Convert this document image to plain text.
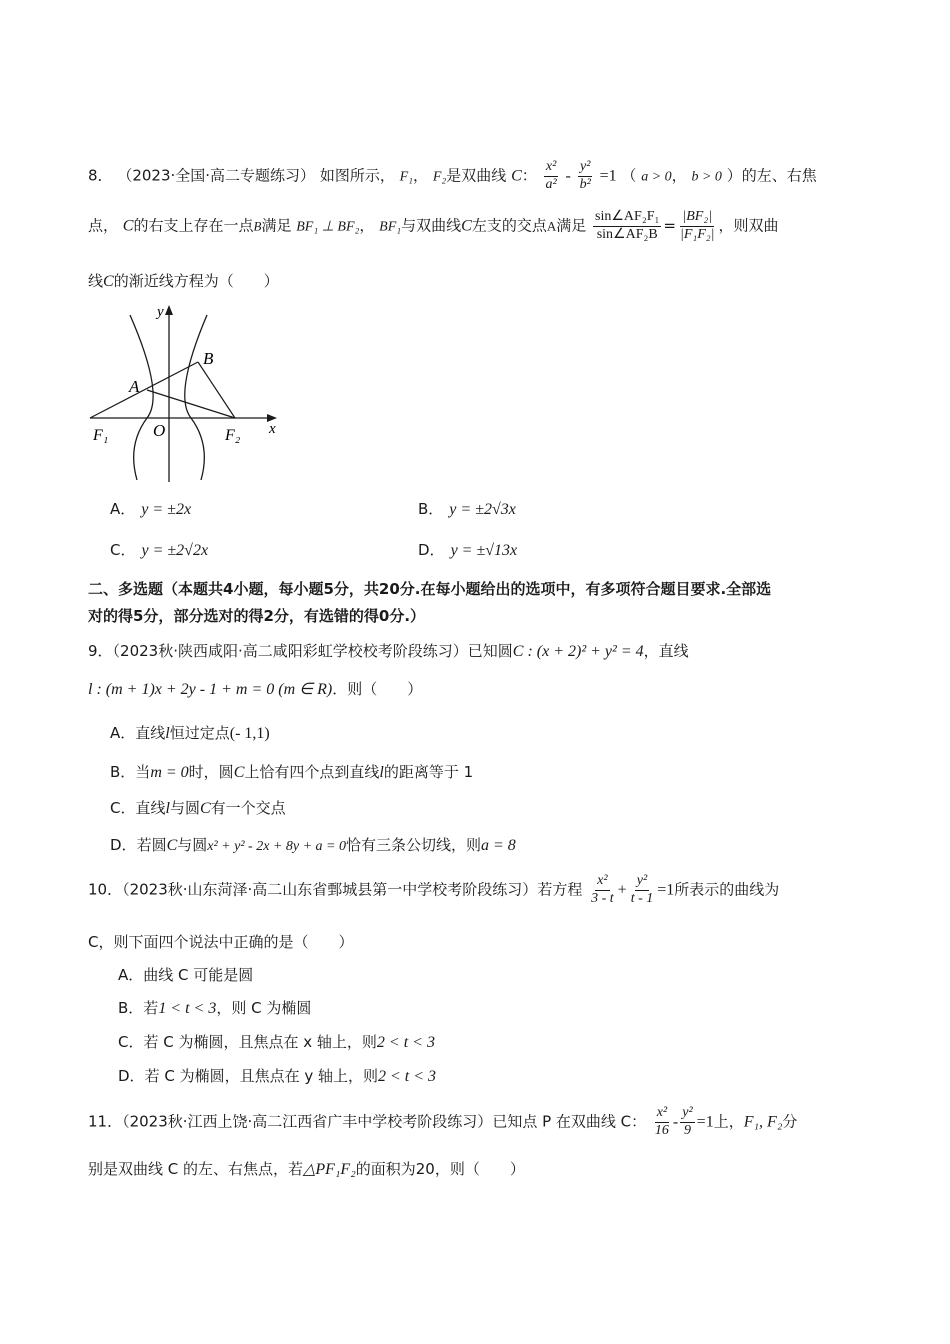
8． （2023·全国·高二专题练习） 如图所示， F₁， F₂是双曲线 C： $\frac{\text{x²}}{\text{a²}} - \frac{\text{y²}}{\text{b²}} =1$ （ a > 0， b > 0 ）的左、右焦
点， C的右支上存在一点B满足 BF₁ ⊥ BF₂， BF₁与双曲线C左支的交点A满足 $\frac{\text{sin∠AF₂F₁}}{\text{sin∠AF₂B}} = \frac{\text{|BF₂|}}{\text{|F₁F₂|}}$ ，则双曲
线C的渐近线方程为（　　）
y
x
A
B
O
F₁	F₂
A． y = ±2x	B． y = ±2√3x
C． y = ±2√2x	D． y = ±√13x
二、多选题（本题共4小题，每小题5分，共20分.在每小题给出的选项中，有多项符合题目要求.全部选
对的得5分，部分选对的得2分，有选错的得0分.）
9．（2023秋·陕西咸阳·高二咸阳彩虹学校校考阶段练习）已知圆C : (x + 2)² + y² = 4，直线
l : (m + 1)x + 2y - 1 + m = 0 (m ∈ R)．则（　　）
A．直线l恒过定点(- 1,1)
B．当m = 0时，圆C上恰有四个点到直线l的距离等于 1
C．直线l与圆C有一个交点
D．若圆C与圆x² + y² - 2x + 8y + a = 0恰有三条公切线，则a = 8
10．（2023秋·山东菏泽·高二山东省鄄城县第一中学校考阶段练习）若方程 $\frac{\text{x²}}{3 - t} + \frac{\text{y²}}{t - 1} =1$所表示的曲线为
C，则下面四个说法中正确的是（　　）
A．曲线 C 可能是圆
B．若1 < t < 3，则 C 为椭圆
C．若 C 为椭圆，且焦点在 x 轴上，则2 < t < 3
D．若 C 为椭圆，且焦点在 y 轴上，则2 < t < 3
11．（2023秋·江西上饶·高二江西省广丰中学校考阶段练习）已知点 P 在双曲线 C： $\frac{\text{x²}}{16} - \frac{\text{y²}}{9} =1$上，F₁, F₂分
别是双曲线 C 的左、右焦点，若△PF₁F₂的面积为20，则（　　）
